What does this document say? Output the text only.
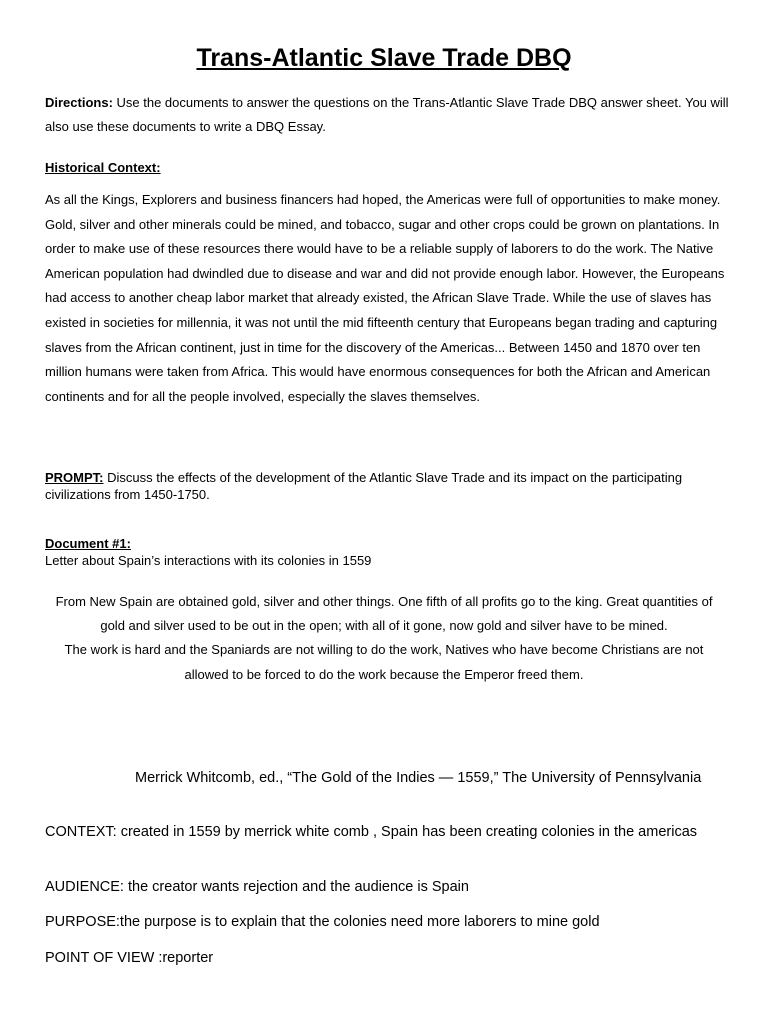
Trans-Atlantic Slave Trade DBQ
Directions: Use the documents to answer the questions on the Trans-Atlantic Slave Trade DBQ answer sheet. You will also use these documents to write a DBQ Essay.
Historical Context:
As all the Kings, Explorers and business financers had hoped, the Americas were full of opportunities to make money. Gold, silver and other minerals could be mined, and tobacco, sugar and other crops could be grown on plantations. In order to make use of these resources there would have to be a reliable supply of laborers to do the work. The Native American population had dwindled due to disease and war and did not provide enough labor. However, the Europeans had access to another cheap labor market that already existed, the African Slave Trade. While the use of slaves has existed in societies for millennia, it was not until the mid fifteenth century that Europeans began trading and capturing slaves from the African continent, just in time for the discovery of the Americas... Between 1450 and 1870 over ten million humans were taken from Africa. This would have enormous consequences for both the African and American continents and for all the people involved, especially the slaves themselves.
PROMPT: Discuss the effects of the development of the Atlantic Slave Trade and its impact on the participating civilizations from 1450-1750.
Document #1:
Letter about Spain’s interactions with its colonies in 1559
From New Spain are obtained gold, silver and other things. One fifth of all profits go to the king. Great quantities of gold and silver used to be out in the open; with all of it gone, now gold and silver have to be mined.
The work is hard and the Spaniards are not willing to do the work, Natives who have become Christians are not allowed to be forced to do the work because the Emperor freed them.
Merrick Whitcomb, ed., “The Gold of the Indies — 1559,” The University of Pennsylvania
CONTEXT: created in 1559 by merrick white comb , Spain has been creating colonies in the americas
AUDIENCE: the creator wants rejection and the audience is Spain
PURPOSE:the purpose is to explain that the colonies need more laborers to mine gold
POINT OF VIEW :reporter
